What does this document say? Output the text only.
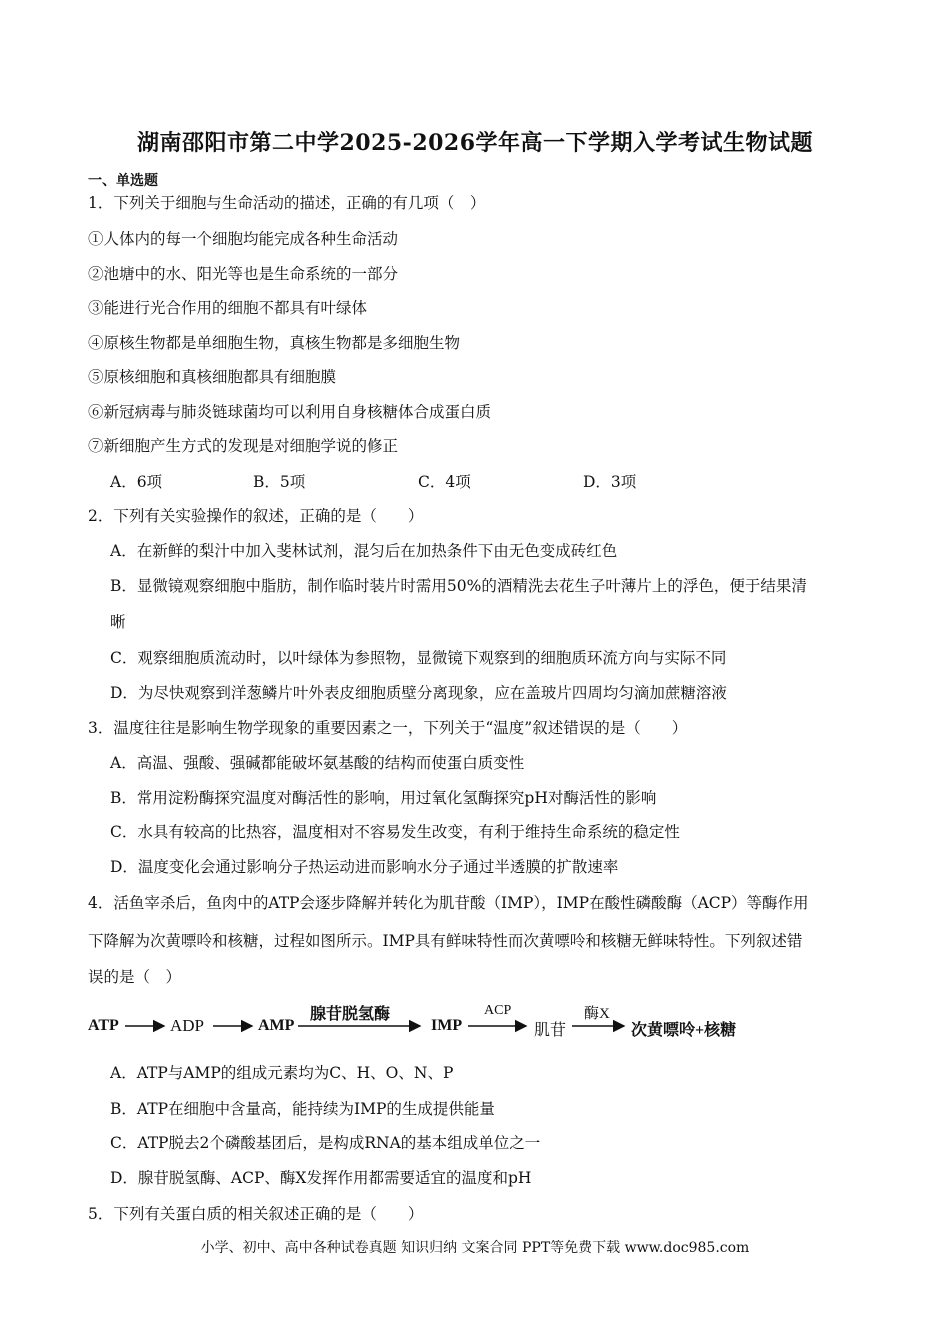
湖南邵阳市第二中学2025-2026学年高一下学期入学考试生物试题
一、单选题
1．下列关于细胞与生命活动的描述，正确的有几项（　）
①人体内的每一个细胞均能完成各种生命活动
②池塘中的水、阳光等也是生命系统的一部分
③能进行光合作用的细胞不都具有叶绿体
④原核生物都是单细胞生物，真核生物都是多细胞生物
⑤原核细胞和真核细胞都具有细胞膜
⑥新冠病毒与肺炎链球菌均可以利用自身核糖体合成蛋白质
⑦新细胞产生方式的发现是对细胞学说的修正
A．6项	B．5项	C．4项	D．3项
2．下列有关实验操作的叙述，正确的是（　　）
A．在新鲜的梨汁中加入斐林试剂，混匀后在加热条件下由无色变成砖红色
B．显微镜观察细胞中脂肪，制作临时装片时需用50%的酒精洗去花生子叶薄片上的浮色，便于结果清
晰
C．观察细胞质流动时，以叶绿体为参照物，显微镜下观察到的细胞质环流方向与实际不同
D．为尽快观察到洋葱鳞片叶外表皮细胞质壁分离现象，应在盖玻片四周均匀滴加蔗糖溶液
3．温度往往是影响生物学现象的重要因素之一，下列关于“温度”叙述错误的是（　　）
A．高温、强酸、强碱都能破坏氨基酸的结构而使蛋白质变性
B．常用淀粉酶探究温度对酶活性的影响，用过氧化氢酶探究pH对酶活性的影响
C．水具有较高的比热容，温度相对不容易发生改变，有利于维持生命系统的稳定性
D．温度变化会通过影响分子热运动进而影响水分子通过半透膜的扩散速率
4．活鱼宰杀后，鱼肉中的ATP会逐步降解并转化为肌苷酸（IMP），IMP在酸性磷酸酶（ACP）等酶作用
下降解为次黄嘌呤和核糖，过程如图所示。IMP具有鲜味特性而次黄嘌呤和核糖无鲜味特性。下列叙述错
误的是（　）
ATP	ADP	AMP
腺苷脱氢酶
IMP
ACP
肌苷
酶X
次黄嘌呤+核糖
A．ATP与AMP的组成元素均为C、H、O、N、P
B．ATP在细胞中含量高，能持续为IMP的生成提供能量
C．ATP脱去2个磷酸基团后，是构成RNA的基本组成单位之一
D．腺苷脱氢酶、ACP、酶X发挥作用都需要适宜的温度和pH
5．下列有关蛋白质的相关叙述正确的是（　　）
小学、初中、高中各种试卷真题 知识归纳 文案合同 PPT等免费下载 www.doc985.com
